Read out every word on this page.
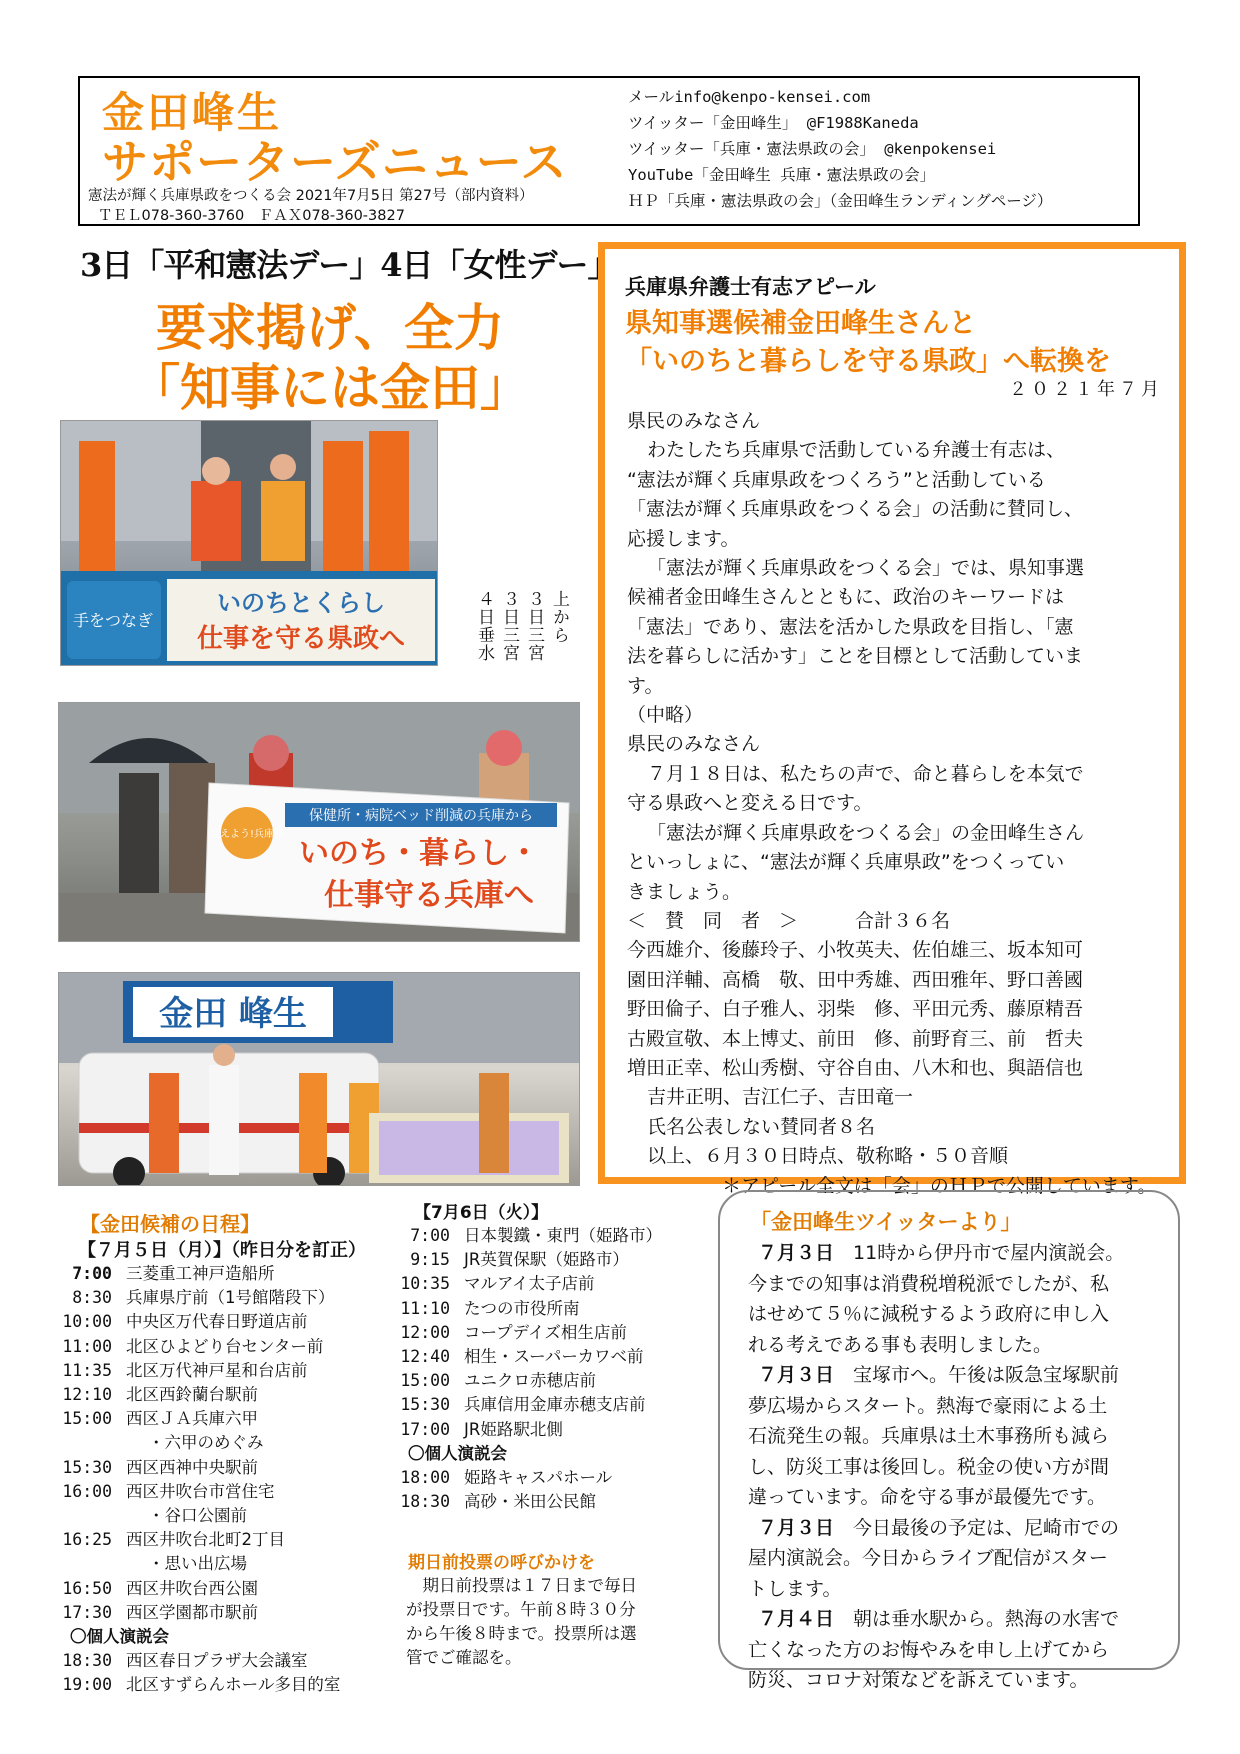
金田峰生
サポーターズニュース
憲法が輝く兵庫県政をつくる会 2021年7月5日 第27号（部内資料）
ＴＥＬ078-360-3760　ＦＡＸ078-360-3827
メールinfo@kenpo-kensei.com
ツイッター「金田峰生」 @F1988Kaneda
ツイッター「兵庫・憲法県政の会」 @kenpokensei
YouTube「金田峰生 兵庫・憲法県政の会」
ＨＰ「兵庫・憲法県政の会」（金田峰生ランディングページ）
3日「平和憲法デー」4日「女性デー」
要求掲げ、全力
「知事には金田」
手をつなぎ
いのちとくらし
仕事を守る県政へ	上から
３日三宮
３日三宮
４日垂水
変えよう!兵庫県
保健所・病院ベッド削減の兵庫から
いのち・暮らし・
仕事守る兵庫へ
金田 峰生
兵庫県弁護士有志アピール
県知事選候補金田峰生さんと
「いのちと暮らしを守る県政」へ転換を
２０２１年７月
県民のみなさん
わたしたち兵庫県で活動している弁護士有志は、
“憲法が輝く兵庫県政をつくろう”と活動している
「憲法が輝く兵庫県政をつくる会」の活動に賛同し、
応援します。
「憲法が輝く兵庫県政をつくる会」では、県知事選
候補者金田峰生さんとともに、政治のキーワードは
「憲法」であり、憲法を活かした県政を目指し、「憲
法を暮らしに活かす」ことを目標として活動していま
す。
（中略）
県民のみなさん
７月１８日は、私たちの声で、命と暮らしを本気で
守る県政へと変える日です。
「憲法が輝く兵庫県政をつくる会」の金田峰生さん
といっしょに、“憲法が輝く兵庫県政”をつくってい
きましょう。
＜　賛　同　者　＞　　　合計３６名
今西雄介、後藤玲子、小牧英夫、佐伯雄三、坂本知可
園田洋輔、高橋　敬、田中秀雄、西田雅年、野口善國
野田倫子、白子雅人、羽柴　修、平田元秀、藤原精吾
古殿宣敬、本上博丈、前田　修、前野育三、前　哲夫
増田正幸、松山秀樹、守谷自由、八木和也、與語信也
吉井正明、吉江仁子、吉田竜一
氏名公表しない賛同者８名
以上、６月３０日時点、敬称略・５０音順
　　　　　＊アピール全文は「会」のＨＰで公開しています。
【金田候補の日程】
【７月５日（月）】（昨日分を訂正）
7:00 三菱重工神戸造船所
8:30 兵庫県庁前（1号館階段下）
10:00 中央区万代春日野道店前
11:00 北区ひよどり台センター前
11:35 北区万代神戸星和台店前
12:10 北区西鈴蘭台駅前
15:00 西区ＪＡ兵庫六甲
・六甲のめぐみ
15:30 西区西神中央駅前
16:00 西区井吹台市営住宅
・谷口公園前
16:25 西区井吹台北町2丁目
・思い出広場
16:50 西区井吹台西公園
17:30 西区学園都市駅前
〇個人演説会
18:30 西区春日プラザ大会議室
19:00 北区すずらんホール多目的室
【7月6日（火）】
7:00 日本製鐵・東門（姫路市）
9:15 JR英賀保駅（姫路市）
10:35 マルアイ太子店前
11:10 たつの市役所南
12:00 コープデイズ相生店前
12:40 相生・スーパーカワベ前
15:00 ユニクロ赤穂店前
15:30 兵庫信用金庫赤穂支店前
17:00 JR姫路駅北側
〇個人演説会
18:00 姫路キャスパホール
18:30 高砂・米田公民館
期日前投票の呼びかけを
　期日前投票は１７日まで毎日
が投票日です。午前８時３０分
から午後８時まで。投票所は選
管でご確認を。
「金田峰生ツイッターより」
７月３日　11時から伊丹市で屋内演説会。
今までの知事は消費税増税派でしたが、私
はせめて５％に減税するよう政府に申し入
れる考えである事も表明しました。
７月３日　宝塚市へ。午後は阪急宝塚駅前
夢広場からスタート。熱海で豪雨による土
石流発生の報。兵庫県は土木事務所も減ら
し、防災工事は後回し。税金の使い方が間
違っています。命を守る事が最優先です。
７月３日　今日最後の予定は、尼崎市での
屋内演説会。今日からライブ配信がスター
トします。
７月４日　朝は垂水駅から。熱海の水害で
亡くなった方のお悔やみを申し上げてから
防災、コロナ対策などを訴えています。
